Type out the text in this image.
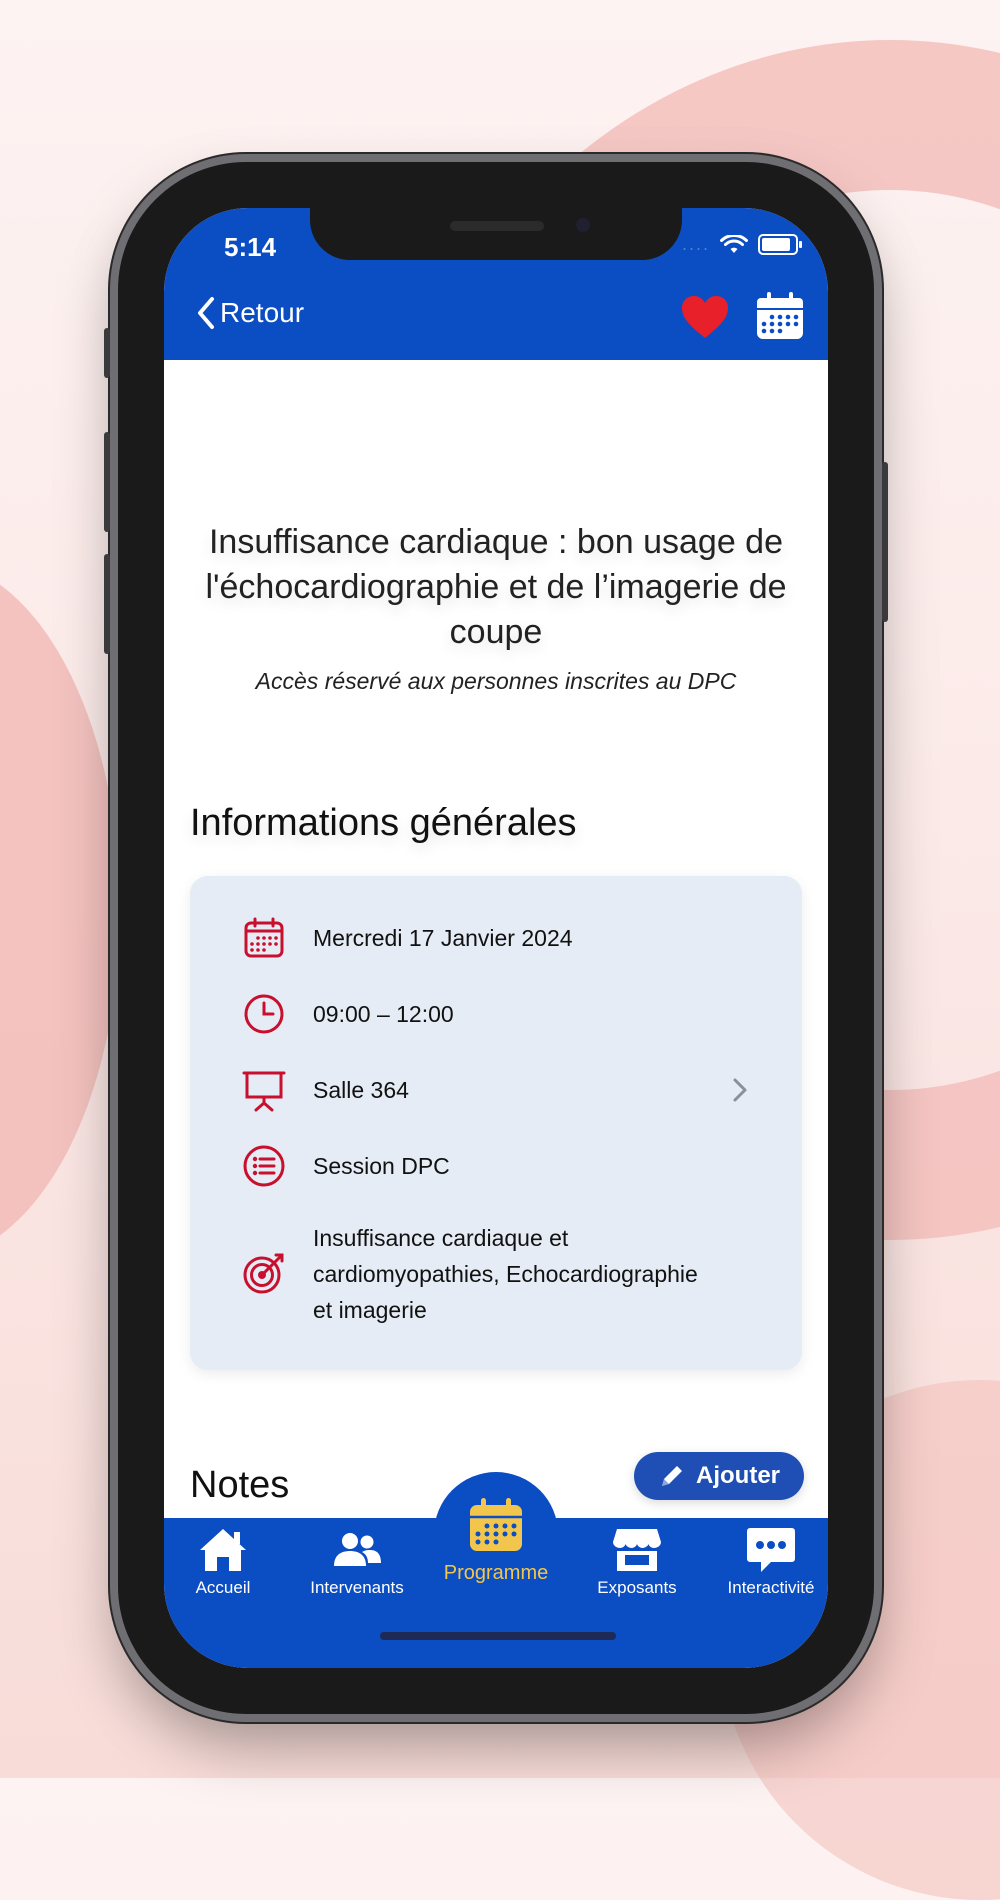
5:14	....
Retour
Insuffisance cardiaque : bon usage de l'échocardiographie et de l’imagerie de coupe
Accès réservé aux personnes inscrites au DPC
Informations générales
Mercredi 17 Janvier 2024
09:00 – 12:00
Salle 364
Session DPC
Insuffisance cardiaque et
cardiomyopathies, Echocardiographie
et imagerie
Notes	Ajouter
Accueil	Intervenants
Programme
Exposants	Interactivité
